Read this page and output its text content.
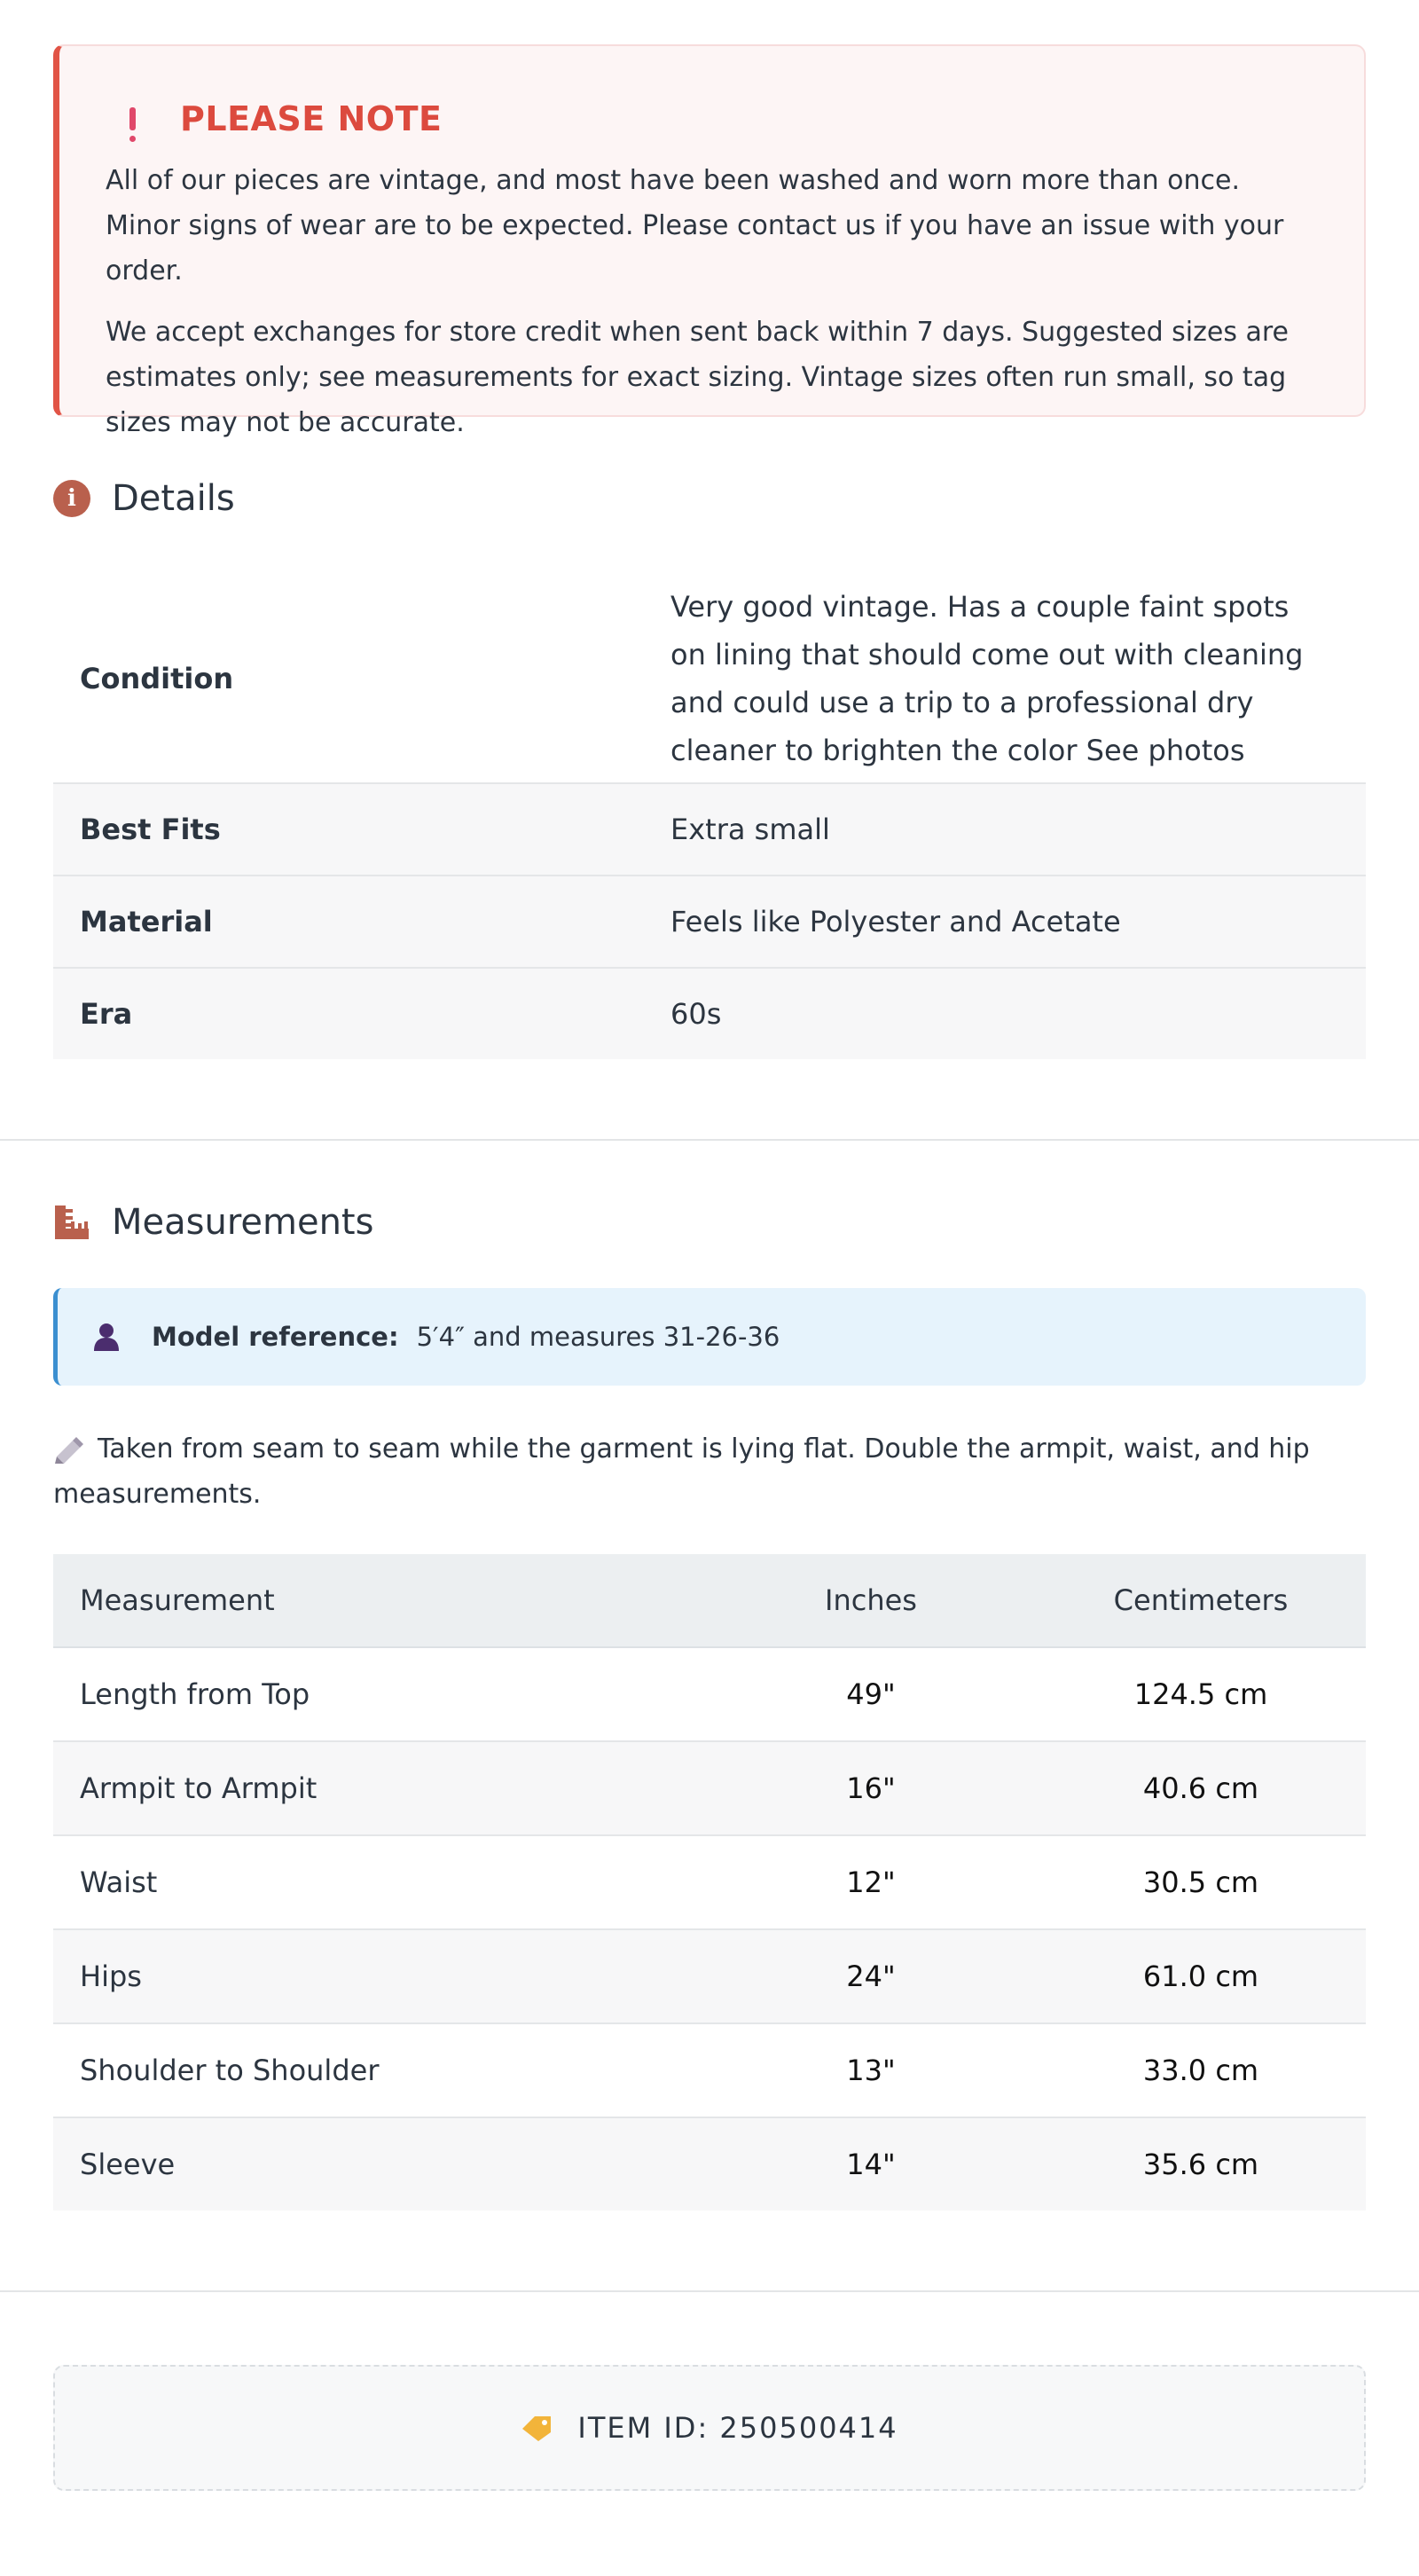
PLEASE NOTE

All of our pieces are vintage, and most have been washed and worn more than once. Minor signs of wear are to be expected. Please contact us if you have an issue with your order.

We accept exchanges for store credit when sent back within 7 days. Suggested sizes are estimates only; see measurements for exact sizing. Vintage sizes often run small, so tag sizes may not be accurate.

i	Details
Condition	Very good vintage. Has a couple faint spots on lining that should come out with cleaning and could use a trip to a professional dry cleaner to brighten the color See photos
Best Fits	Extra small
Material	Feels like Polyester and Acetate
Era	60s
Measurements
Model reference: 5′4″ and measures 31-26-36
Taken from seam to seam while the garment is lying flat. Double the armpit, waist, and hip measurements.
Measurement	Inches	Centimeters
Length from Top	49"	124.5 cm
Armpit to Armpit	16"	40.6 cm
Waist	12"	30.5 cm
Hips	24"	61.0 cm
Shoulder to Shoulder	13"	33.0 cm
Sleeve	14"	35.6 cm
ITEM ID: 250500414
